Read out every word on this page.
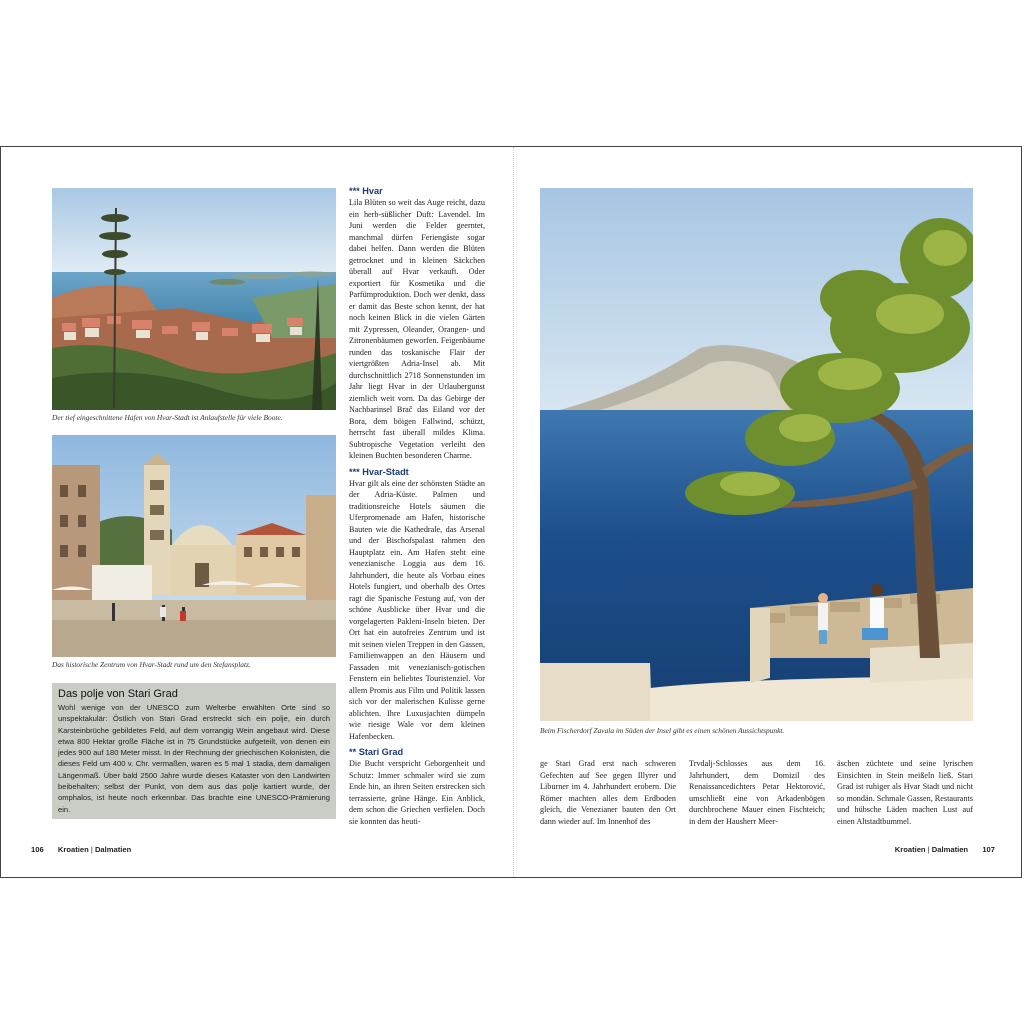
Der tief eingeschnittene Hafen von Hvar-Stadt ist Anlaufstelle für viele Boote.
Das historische Zentrum von Hvar-Stadt rund um den Stefansplatz.
Das polje von Stari Grad

Wohl wenige von der UNESCO zum Welterbe erwählten Orte sind so unspektakulär: Östlich von Stari Grad erstreckt sich ein polje, ein durch Karsteinbrüche gebildetes Feld, auf dem vorrangig Wein angebaut wird. Diese etwa 800 Hektar große Fläche ist in 75 Grundstücke aufgeteilt, von denen ein jedes 900 auf 180 Meter misst. In der Rechnung der griechischen Kolonisten, die dieses Feld um 400 v. Chr. vermaßen, waren es 5 mal 1 stadia, dem damaligen Längenmaß. Über bald 2500 Jahre wurde dieses Kataster von den Landwirten beibehalten; selbst der Punkt, von dem aus das polje kartiert wurde, der omphalos, ist heute noch erkennbar. Das brachte eine UNESCO-Prämierung ein.

*** Hvar

Lila Blüten so weit das Auge reicht, dazu ein herb-süßlicher Duft: Lavendel. Im Juni werden die Felder geerntet, manchmal dürfen Feriengäste sogar dabei helfen. Dann werden die Blüten getrocknet und in kleinen Säckchen überall auf Hvar verkauft. Oder exportiert für Kosmetika und die Parfümproduktion. Doch wer denkt, dass er damit das Beste schon kennt, der hat noch keinen Blick in die vielen Gärten mit Zypressen, Oleander, Orangen- und Zitronenbäumen geworfen. Feigenbäume runden das toskanische Flair der viertgrößten Adria-Insel ab. Mit durchschnittlich 2718 Sonnenstunden im Jahr liegt Hvar in der Urlaubergunst ziemlich weit vorn. Da das Gebirge der Nachbarinsel Brač das Eiland vor der Bora, dem böigen Fallwind, schützt, herrscht fast überall mildes Klima. Subtropische Vegetation verleiht den kleinen Buchten besonderen Charme.

*** Hvar-Stadt

Hvar gilt als eine der schönsten Städte an der Adria-Küste. Palmen und traditionsreiche Hotels säumen die Uferpromenade am Hafen, historische Bauten wie die Kathedrale, das Arsenal und der Bischofspalast rahmen den Hauptplatz ein. Am Hafen steht eine venezianische Loggia aus dem 16. Jahrhundert, die heute als Vorbau eines Hotels fungiert, und oberhalb des Ortes ragt die Spanische Festung auf, von der schöne Ausblicke über Hvar und die vorgelagerten Pakleni-Inseln bieten. Der Ort hat ein autofreies Zentrum und ist mit seinen vielen Treppen in den Gassen, Familienwappen an den Häusern und Fassaden mit venezianisch-gotischen Fenstern ein beliebtes Touristenziel. Vor allem Promis aus Film und Politik lassen sich vor der malerischen Kulisse gerne ablichten. Ihre Luxusjachten dümpeln wie riesige Wale vor dem kleinen Hafenbecken.

** Stari Grad

Die Bucht verspricht Geborgenheit und Schutz: Immer schmaler wird sie zum Ende hin, an ihren Seiten erstrecken sich terrassierte, grüne Hänge. Ein Anblick, dem schon die Griechen verfielen. Doch sie konnten das heuti-

106 Kroatien | Dalmatien
Beim Fischerdorf Zavala im Süden der Insel gibt es einen schönen Aussichtspunkt.

ge Stari Grad erst nach schweren Gefechten auf See gegen Illyrer und Liburner im 4. Jahrhundert erobern. Die Römer machten alles dem Erdboden gleich, die Venezianer bauten den Ort dann wieder auf. Im Innenhof des

Trvdalj-Schlosses aus dem 16. Jahrhundert, dem Domizil des Renaissancedichters Petar Hektorović, umschließt eine von Arkadenbögen durchbrochene Mauer einen Fischteich; in dem der Hausherr Meer-

äschen züchtete und seine lyrischen Einsichten in Stein meißeln ließ. Stari Grad ist ruhiger als Hvar Stadt und nicht so mondän. Schmale Gassen, Restaurants und hübsche Läden machen Lust auf einen Altstadtbummel.

Kroatien | Dalmatien 107
